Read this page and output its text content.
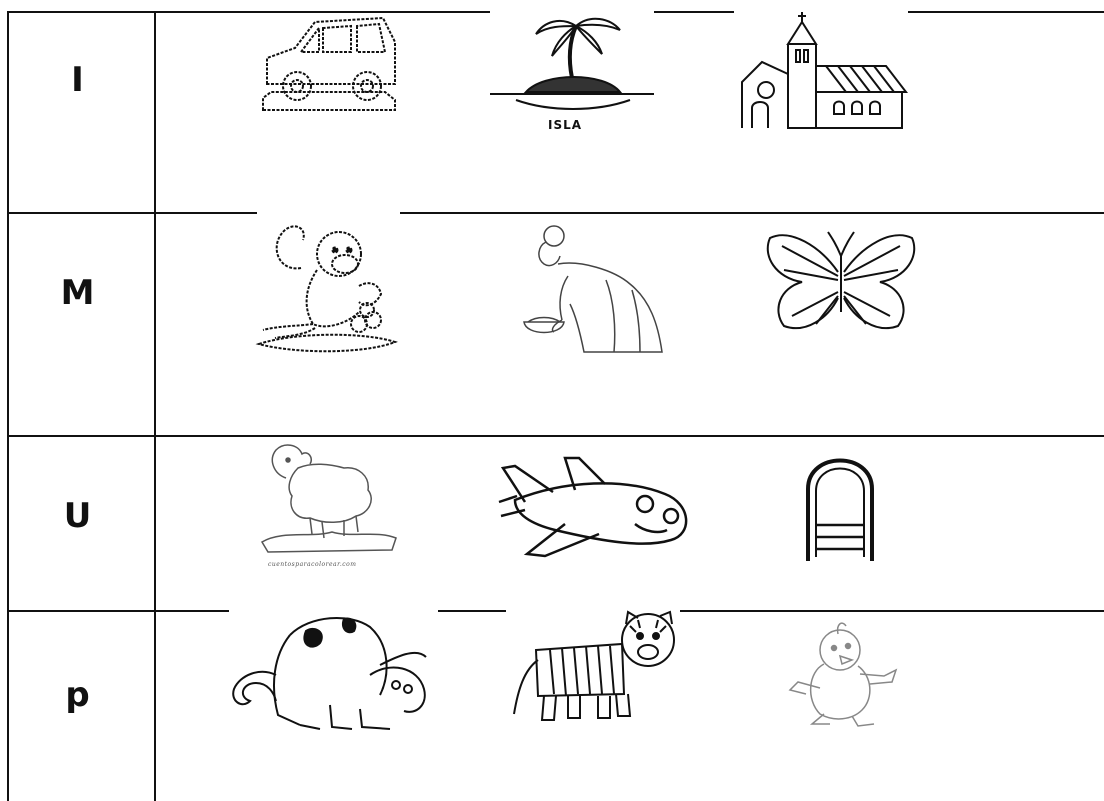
I
M
U
p
ISLA
cuentosparacolorear.com
